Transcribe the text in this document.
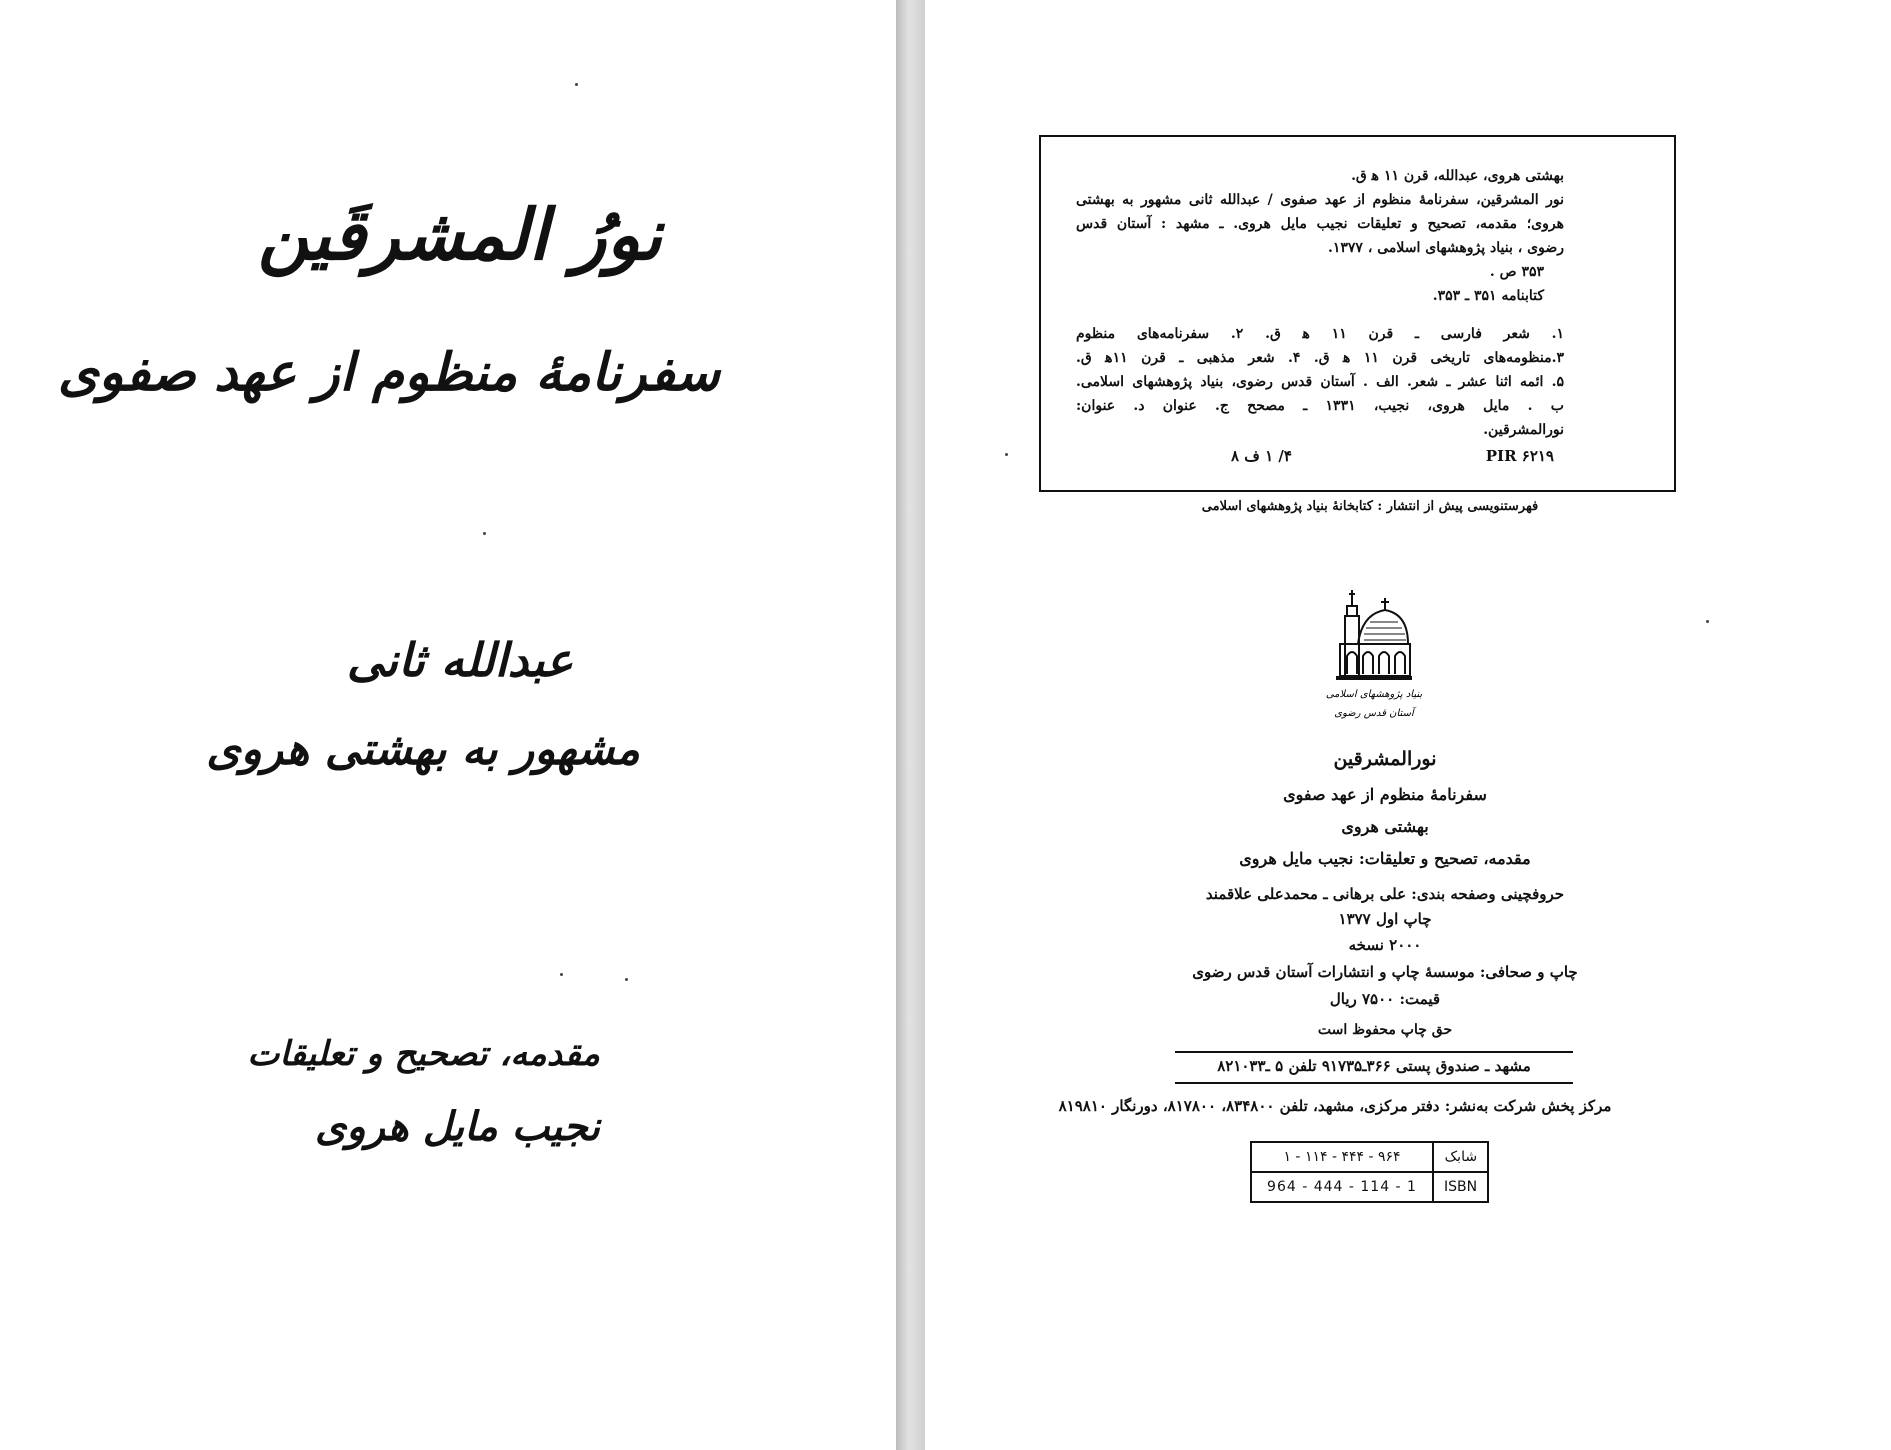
نورُ المشرقَین
سفرنامهٔ منظوم از عهد صفوی
عبدالله ثانی
مشهور به بهشتی هروی
مقدمه، تصحیح و تعلیقات
نجیب مایل هروی
بهشتی هروی، عبدالله، قرن ۱۱ ه‍ ق.
نور المشرقین، سفرنامهٔ منظوم از عهد صفوی / عبدالله ثانی مشهور به بهشتی
هروی؛ مقدمه، تصحیح و تعلیقات نجیب مایل هروی. ـ مشهد : آستان قدس
رضوی ، بنیاد پژوهشهای اسلامی ، ۱۳۷۷.
۳۵۳ ص .
کتابنامه ۳۵۱ ـ ۳۵۳.
۱. شعر فارسی ـ قرن ۱۱ ه‍ ق. ۲. سفرنامه‌های منظوم
۳.منظومه‌های تاریخی قرن ۱۱ ه‍ ق. ۴. شعر مذهبی ـ قرن ۱۱ه‍ ق.
۵. ائمه اثنا عشر ـ شعر. الف . آستان قدس رضوی، بنیاد پژوهشهای اسلامی.
ب . مایل هروی، نجیب، ۱۳۳۱ ـ مصحح ج. عنوان د. عنوان:
نورالمشرقین.
PIR ۶۲۱۹
۴/ ۱ ف ۸
فهرستنویسی پیش از انتشار : کتابخانهٔ بنیاد پژوهشهای اسلامی
بنیاد پژوهشهای اسلامی
آستان قدس رضوی
نورالمشرقین
سفرنامهٔ منظوم از عهد صفوی
بهشتی هروی
مقدمه، تصحیح و تعلیقات: نجیب مایل هروی
حروفچینی وصفحه بندی: علی برهانی ـ محمدعلی علاقمند
چاپ اول ۱۳۷۷
۲۰۰۰ نسخه
چاپ و صحافی: موسسهٔ چاپ و انتشارات آستان قدس رضوی
قیمت: ۷۵۰۰ ریال
حق چاپ محفوظ است
مشهد ـ صندوق پستی ۳۶۶ـ۹۱۷۳۵ تلفن ۵ ـ۸۲۱۰۳۳
مرکز پخش شرکت به‌نشر: دفتر مرکزی، مشهد، تلفن ۸۳۴۸۰۰، ۸۱۷۸۰۰، دورنگار ۸۱۹۸۱۰
۹۶۴ - ۴۴۴ - ۱۱۴ - ۱	شابک
964 - 444 - 114 - 1	ISBN
